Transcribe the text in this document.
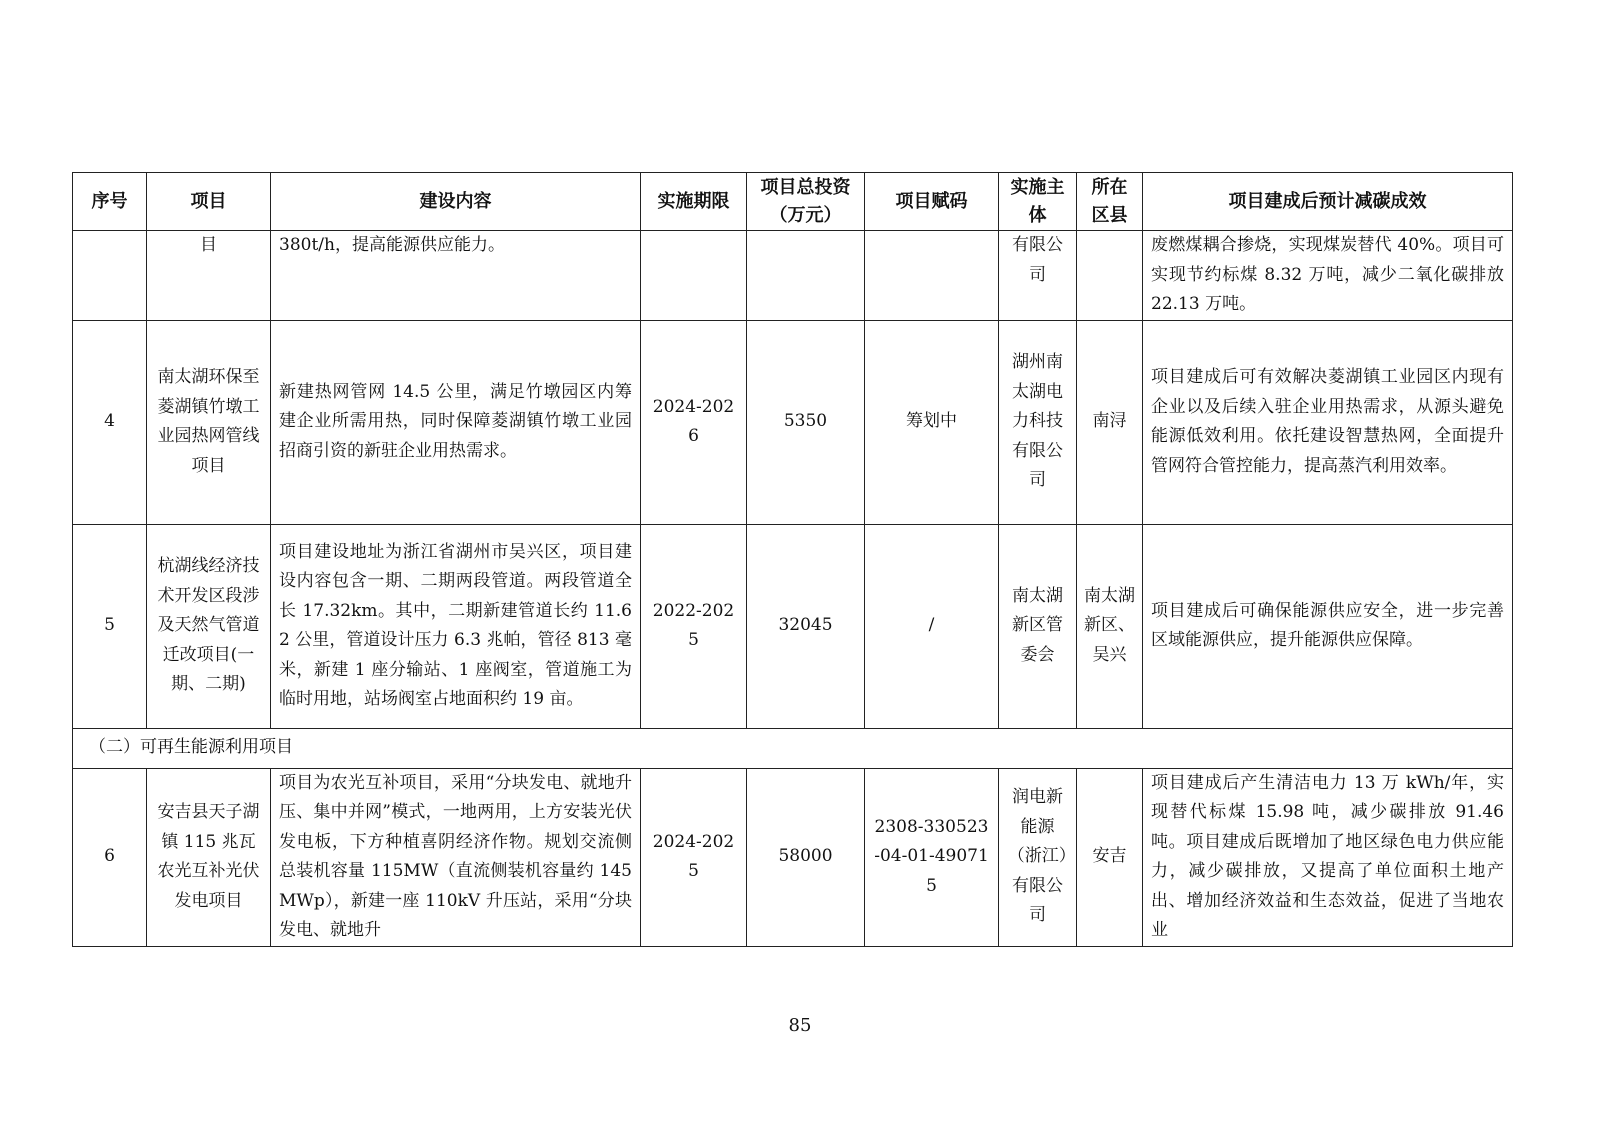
序号	项目	建设内容	实施期限	项目总投资（万元）	项目赋码	实施主体	所在区县	项目建成后预计减碳成效
	目	380t/h，提高能源供应能力。				有限公司		废燃煤耦合掺烧，实现煤炭替代 40%。项目可实现节约标煤 8.32 万吨，减少二氧化碳排放 22.13 万吨。
4	南太湖环保至菱湖镇竹墩工业园热网管线项目	新建热网管网 14.5 公里，满足竹墩园区内筹建企业所需用热，同时保障菱湖镇竹墩工业园招商引资的新驻企业用热需求。	2024-2026	5350	筹划中	湖州南太湖电力科技有限公司	南浔	项目建成后可有效解决菱湖镇工业园区内现有企业以及后续入驻企业用热需求，从源头避免能源低效利用。依托建设智慧热网，全面提升管网符合管控能力，提高蒸汽利用效率。
5	杭湖线经济技术开发区段涉及天然气管道迁改项目(一期、二期)	项目建设地址为浙江省湖州市吴兴区，项目建设内容包含一期、二期两段管道。两段管道全长 17.32km。其中，二期新建管道长约 11.62 公里，管道设计压力 6.3 兆帕，管径 813 毫米，新建 1 座分输站、1 座阀室，管道施工为临时用地，站场阀室占地面积约 19 亩。	2022-2025	32045	/	南太湖新区管委会	南太湖新区、吴兴	项目建成后可确保能源供应安全，进一步完善区域能源供应，提升能源供应保障。
（二）可再生能源利用项目								
6	安吉县天子湖镇 115 兆瓦农光互补光伏发电项目	项目为农光互补项目，采用“分块发电、就地升压、集中并网”模式，一地两用，上方安装光伏发电板，下方种植喜阴经济作物。规划交流侧总装机容量 115MW（直流侧装机容量约 145MWp），新建一座 110kV 升压站，采用“分块发电、就地升	2024-2025	58000	2308-330523-04-01-490715	润电新能源（浙江）有限公司	安吉	项目建成后产生清洁电力 13 万 kWh/年，实现替代标煤 15.98 吨，减少碳排放 91.46 吨。项目建成后既增加了地区绿色电力供应能力，减少碳排放，又提高了单位面积土地产出、增加经济效益和生态效益，促进了当地农业
85
